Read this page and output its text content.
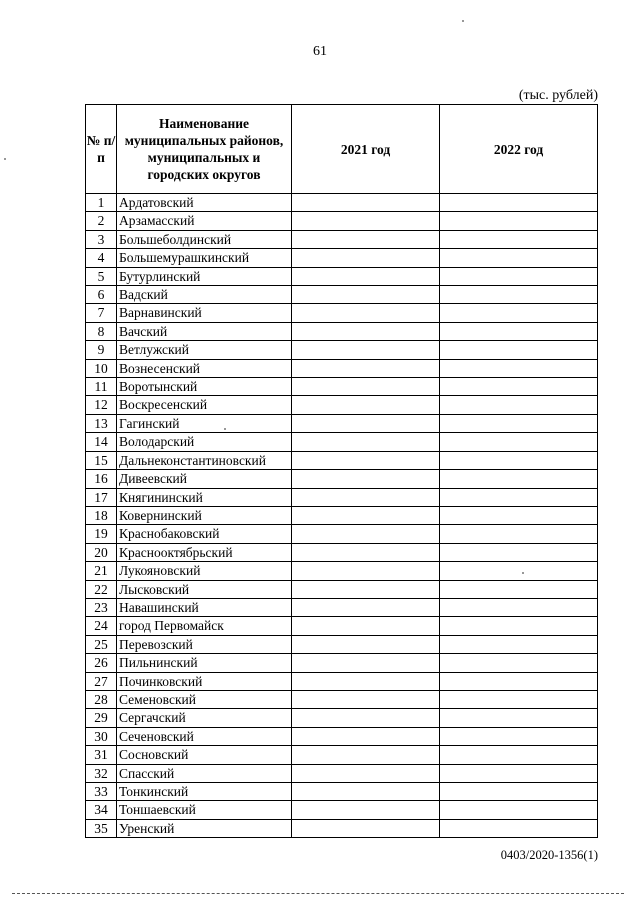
61
(тыс. рублей)
№ п/п	Наименование муниципальных районов, муниципальных и городских округов	2021 год	2022 год
1	Ардатовский		
2	Арзамасский		
3	Большеболдинский		
4	Большемурашкинский		
5	Бутурлинский		
6	Вадский		
7	Варнавинский		
8	Вачский		
9	Ветлужский		
10	Вознесенский		
11	Воротынский		
12	Воскресенский		
13	Гагинский		
14	Володарский		
15	Дальнеконстантиновский		
16	Дивеевский		
17	Княгининский		
18	Ковернинский		
19	Краснобаковский		
20	Краснооктябрьский		
21	Лукояновский		
22	Лысковский		
23	Навашинский		
24	город Первомайск		
25	Перевозский		
26	Пильнинский		
27	Починковский		
28	Семеновский		
29	Сергачский		
30	Сеченовский		
31	Сосновский		
32	Спасский		
33	Тонкинский		
34	Тоншаевский		
35	Уренский		
0403/2020-1356(1)
